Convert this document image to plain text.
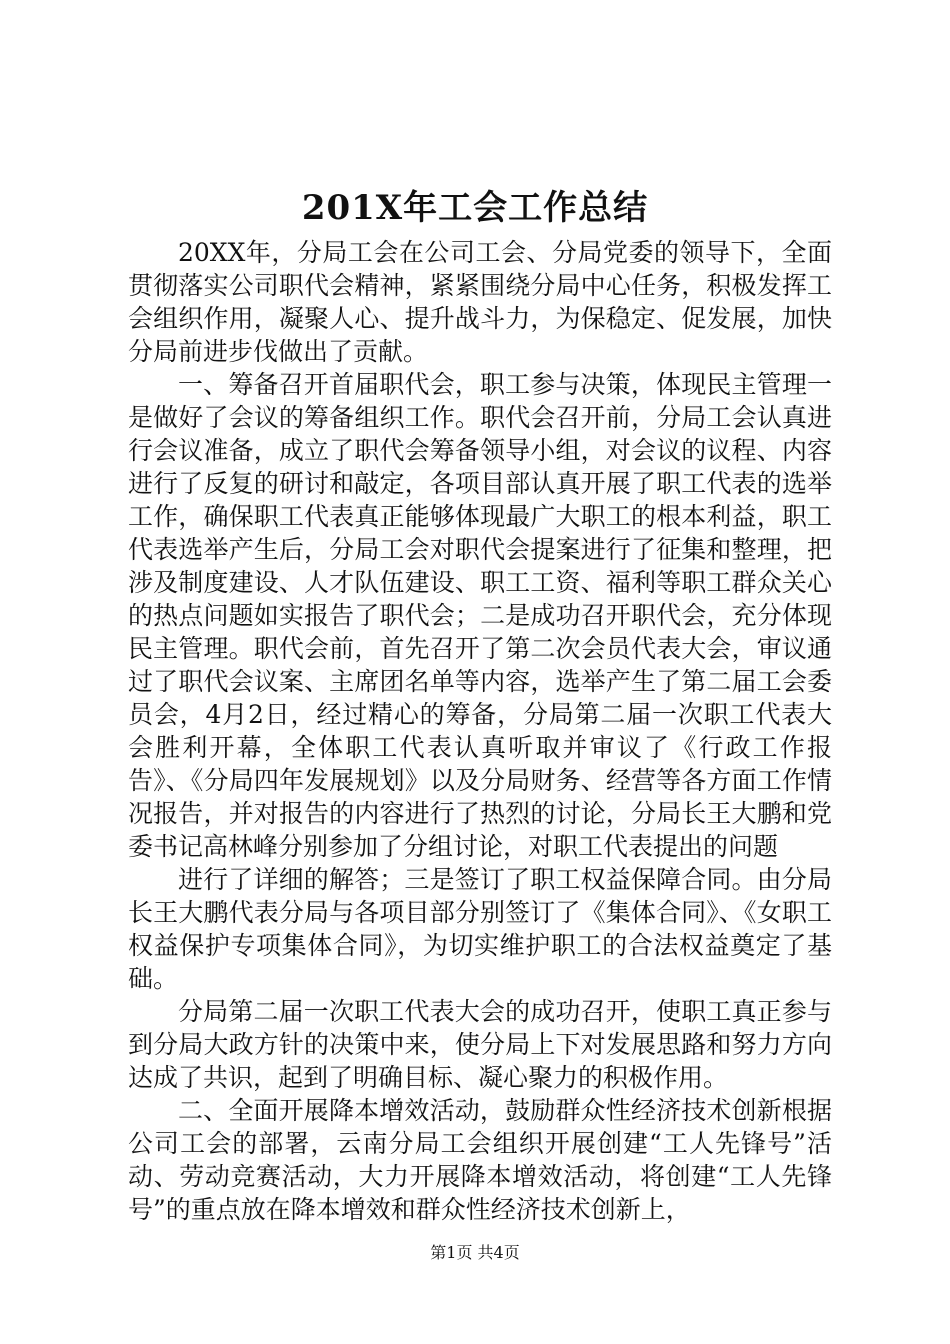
201X年工会工作总结

20XX年，分局工会在公司工会、分局党委的领导下，全面贯彻落实公司职代会精神，紧紧围绕分局中心任务，积极发挥工会组织作用，凝聚人心、提升战斗力，为保稳定、促发展，加快分局前进步伐做出了贡献。

一、筹备召开首届职代会，职工参与决策，体现民主管理一是做好了会议的筹备组织工作。职代会召开前，分局工会认真进行会议准备，成立了职代会筹备领导小组，对会议的议程、内容进行了反复的研讨和敲定，各项目部认真开展了职工代表的选举工作，确保职工代表真正能够体现最广大职工的根本利益，职工代表选举产生后，分局工会对职代会提案进行了征集和整理，把涉及制度建设、人才队伍建设、职工工资、福利等职工群众关心的热点问题如实报告了职代会；二是成功召开职代会，充分体现民主管理。职代会前，首先召开了第二次会员代表大会，审议通过了职代会议案、主席团名单等内容，选举产生了第二届工会委员会，4月2日，经过精心的筹备，分局第二届一次职工代表大会胜利开幕，全体职工代表认真听取并审议了《行政工作报告》、《分局四年发展规划》以及分局财务、经营等各方面工作情况报告，并对报告的内容进行了热烈的讨论，分局长王大鹏和党委书记高林峰分别参加了分组讨论，对职工代表提出的问题

进行了详细的解答；三是签订了职工权益保障合同。由分局长王大鹏代表分局与各项目部分别签订了《集体合同》、《女职工权益保护专项集体合同》，为切实维护职工的合法权益奠定了基础。

分局第二届一次职工代表大会的成功召开，使职工真正参与到分局大政方针的决策中来，使分局上下对发展思路和努力方向达成了共识，起到了明确目标、凝心聚力的积极作用。

二、全面开展降本增效活动，鼓励群众性经济技术创新根据公司工会的部署，云南分局工会组织开展创建“工人先锋号”活动、劳动竞赛活动，大力开展降本增效活动，将创建“工人先锋号”的重点放在降本增效和群众性经济技术创新上，

第1页 共4页
